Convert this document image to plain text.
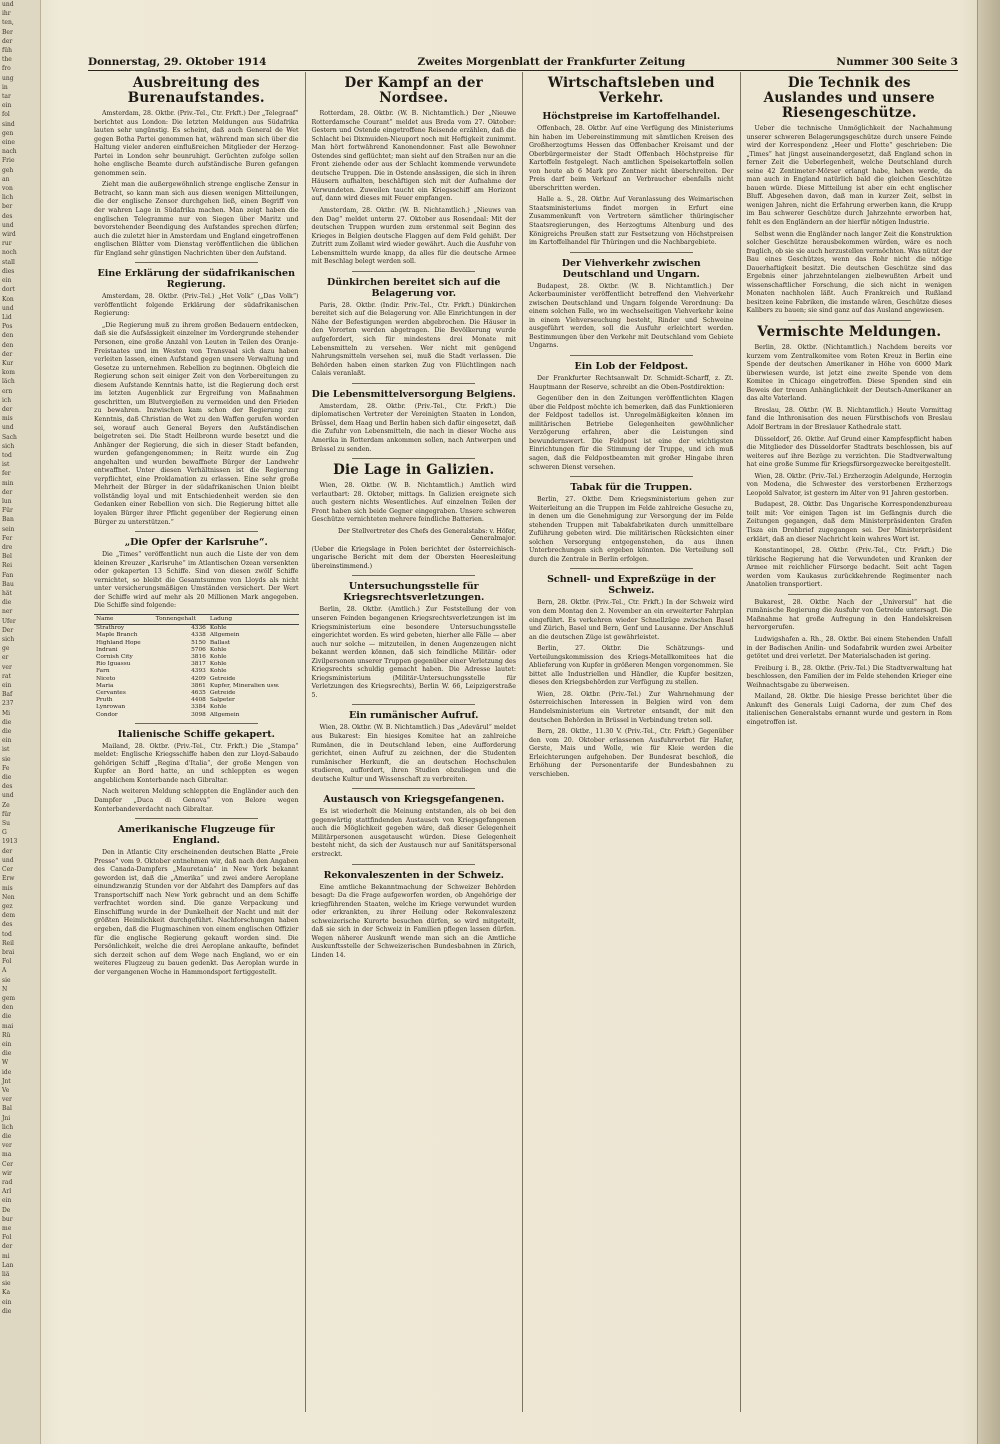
und

ihr

ten,

Ber

der

füh

the

fro

ung

in

tar

ein

fol

sind

gen

eine

nach

Frie

geh

an

von

lich

ber

des

und

wird

rur

noch

stall

dies

ein

dort

Kon

und

Lid

Pos

den

den

der

Kur

kom

läch

ern

ich

der

mis

und

Sach

sich

tod

ist

fer

min

der

lun

Für

Ban

sein

Fer

dre

Bel

Rei

Fan

Bau

hät

die

ner

Ufer

Der

sich

ge

er

ver

rat

ein

Baf

237

Mi

die

die

ein

ist

sie

Fe

die

des

und

Ze

für

Su

G

1913

der

und

Cer

Erw

mis

Nen

gez

dem

des

tod

Reil

brai

Fol

A

sie

N

gem

den

die

mai

Rü

ein

die

W

ide

Jnt

Ve

ver

Bal

Jni

lich

die

ver

ma

Cer

wir

rad

Arl

ein

De

bur

me

Fol

der

mi

Lan

liä

sie

Ka

ein

die

Donnerstag, 29. Oktober 1914	Zweites Morgenblatt der Frankfurter Zeitung	Nummer 300 Seite 3
Ausbreitung des Burenaufstandes.

Amsterdam, 28. Oktbr. (Priv.-Tel., Ctr. Frkft.) Der „Telegraaf“ berichtet aus London: Die letzten Meldungen aus Südafrika lauten sehr ungünstig. Es scheint, daß auch General de Wet gegen Botha Partei genommen hat, während man sich über die Haltung vieler anderen einflußreichen Mitglieder der Herzog-Partei in London sehr beunruhigt. Gerüchten zufolge sollen hohe englische Beamte durch aufständische Buren gefangen genommen sein.

Zieht man die außergewöhnlich strenge englische Zensur in Betracht, so kann man sich aus diesen wenigen Mitteilungen, die der englische Zensor durchgehen ließ, einen Begriff von der wahren Lage in Südafrika machen. Man zeigt haben die englischen Telegramme nur von Siegen über Maritz und bevorstehender Beendigung des Aufstandes sprechen dürfen; auch die zuletzt hier in Amsterdam und England eingetroffenen englischen Blätter vom Dienstag veröffentlichen die üblichen für England sehr günstigen Nachrichten über den Aufstand.

Eine Erklärung der südafrikanischen Regierung.

Amsterdam, 28. Oktbr. (Priv.-Tel.) „Het Volk“ („Das Volk“) veröffentlicht folgende Erklärung der südafrikanischen Regierung:

„Die Regierung muß zu ihrem großen Bedauern entdecken, daß sie die Aufsässigkeit einzelner im Vordergrunde stehender Personen, eine große Anzahl von Leuten in Teilen des Oranje-Freistaates und im Westen von Transvaal sich dazu haben verleiten lassen, einen Aufstand gegen unsere Verwaltung und Gesetze zu unternehmen. Rebellion zu beginnen. Obgleich die Regierung schon seit einiger Zeit von den Vorbereitungen zu diesem Aufstande Kenntnis hatte, ist die Regierung doch erst im letzten Augenblick zur Ergreifung von Maßnahmen geschritten, um Blutvergießen zu vermeiden und den Frieden zu bewahren. Inzwischen kam schon der Regierung zur Kenntnis, daß Christian de Wet zu den Waffen gerufen worden sei, worauf auch General Beyers den Aufständischen beigetreten sei. Die Stadt Heilbronn wurde besetzt und die Anhänger der Regierung, die sich in dieser Stadt befanden, wurden gefangengenommen; in Reitz wurde ein Zug angehalten und wurden bewaffnete Bürger der Landwehr entwaffnet. Unter diesen Verhältnissen ist die Regierung verpflichtet, eine Proklamation zu erlassen. Eine sehr große Mehrheit der Bürger in der südafrikanischen Union bleibt vollständig loyal und mit Entschiedenheit werden sie den Gedanken einer Rebellion von sich. Die Regierung bittet alle loyalen Bürger ihrer Pflicht gegenüber der Regierung einen Bürger zu unterstützen.“

„Die Opfer der Karlsruhe“.

Die „Times“ veröffentlicht nun auch die Liste der von dem kleinen Kreuzer „Karlsruhe“ im Atlantischen Ozean versenkten oder gekaperten 13 Schiffe. Sind von diesen zwölf Schiffe vernichtet, so bleibt die Gesamtsumme von Lloyds als nicht unter versicherungsmäßigen Umständen versichert. Der Wert der Schiffe wird auf mehr als 20 Millionen Mark angegeben. Die Schiffe sind folgende:

Name	Tonnengehalt	Ladung
Strathroy	4336	Kohle
Maple Branch	4338	Allgemein
Highland Hope	5150	Ballast
Indrani	5706	Kohle
Cornish City	3816	Kohle
Rio Iguassu	3817	Kohle
Farn	4393	Kohle
Niceto	4209	Getreide
Maria	3861	Kupfer, Mineralien usw.
Cervantes	4635	Getreide
Pruth	4408	Salpeter
Lynrowan	3384	Kohle
Condor	3098	Allgemein
Italienische Schiffe gekapert.

Mailand, 28. Oktbr. (Priv.-Tel., Ctr. Frkft.) Die „Stampa“ meldet: Englische Kriegsschiffe haben den zur Lloyd-Sabaudo gehörigen Schiff „Regina d'Italia“, der große Mengen von Kupfer an Bord hatte, an und schleppten es wegen angeblichem Konterbande nach Gibraltar.

Nach weiteren Meldung schleppten die Engländer auch den Dampfer „Duca di Genova“ von Belore wegen Konterbandeverdacht nach Gibraltar.

Amerikanische Flugzeuge für England.

Den in Atlantic City erscheinenden deutschen Blatte „Freie Presse“ vom 9. Oktober entnehmen wir, daß nach den Angaben des Canada-Dampfers „Mauretania“ in New York bekannt geworden ist, daß die „Amerika“ und zwei andere Aeroplane einundzwanzig Stunden vor der Abfahrt des Dampfers auf das Transportschiff nach New York gebracht und an dem Schiffe verfrachtet worden sind. Die ganze Verpackung und Einschiffung wurde in der Dunkelheit der Nacht und mit der größten Heimlichkeit durchgeführt. Nachforschungen haben ergeben, daß die Flugmaschinen von einem englischen Offizier für die englische Regierung gekauft worden sind. Die Persönlichkeit, welche die drei Aeroplane ankaufte, befindet sich derzeit schon auf dem Wege nach England, wo er ein weiteres Flugzeug zu bauen gedenkt. Das Aeroplan wurde in der vergangenen Woche in Hammondsport fertiggestellt.

Der Kampf an der Nordsee.

Rotterdam, 28. Oktbr. (W. B. Nichtamtlich.) Der „Nieuwe Rotterdamsche Courant“ meldet aus Breda vom 27. Oktober: Gestern und Ostende eingetroffene Reisende erzählen, daß die Schlacht bei Dixmuiden-Nieuport noch mit Heftigkeit zunimmt. Man hört fortwährend Kanonendonner. Fast alle Bewohner Ostendes sind geflüchtet; man sieht auf den Straßen nur an die Front ziehende oder aus der Schlacht kommende verwundete deutsche Truppen. Die in Ostende ansässigen, die sich in ihren Häusern aufhalten, beschäftigen sich mit der Aufnahme der Verwundeten. Zuweilen taucht ein Kriegsschiff am Horizont auf, dann wird dieses mit Feuer empfangen.

Amsterdam, 28. Oktbr. (W. B. Nichtamtlich.) „Nieuws van den Dag“ meldet unterm 27. Oktober aus Rosendaal: Mit der deutschen Truppen wurden zum erstenmal seit Beginn des Krieges in Belgien deutsche Flaggen auf dem Feld gehißt. Der Zutritt zum Zollamt wird wieder gewährt. Auch die Ausfuhr von Lebensmitteln wurde knapp, da alles für die deutsche Armee mit Beschlag belegt werden soll.

Dünkirchen bereitet sich auf die Belagerung vor.

Paris, 28. Oktbr. (Indir. Priv.-Tel., Ctr. Frkft.) Dünkirchen bereitet sich auf die Belagerung vor. Alle Einrichtungen in der Nähe der Befestigungen werden abgebrochen. Die Häuser in den Vororten werden abgetragen. Die Bevölkerung wurde aufgefordert, sich für mindestens drei Monate mit Lebensmitteln zu versehen. Wer nicht mit genügend Nahrungsmitteln versehen sei, muß die Stadt verlassen. Die Behörden haben einen starken Zug von Flüchtlingen nach Calais veranlaßt.

Die Lebensmittelversorgung Belgiens.

Amsterdam, 28. Oktbr. (Priv.-Tel., Ctr. Frkft.) Die diplomatischen Vertreter der Vereinigten Staaten in London, Brüssel, dem Haag und Berlin haben sich dafür eingesetzt, daß die Zufuhr von Lebensmitteln, die nach in dieser Woche aus Amerika in Rotterdam ankommen sollen, nach Antwerpen und Brüssel zu senden.

Die Lage in Galizien.

Wien, 28. Oktbr. (W. B. Nichtamtlich.) Amtlich wird verlautbart: 28. Oktober, mittags. In Galizien ereignete sich auch gestern nichts Wesentliches. Auf einzelnen Teilen der Front haben sich beide Gegner eingegraben. Unsere schweren Geschütze vernichteten mehrere feindliche Batterien.

Der Stellvertreter des Chefs des Generalstabs: v. Höfer, Generalmajor.

(Ueber die Kriegslage in Polen berichtet der österreichisch-ungarische Bericht mit dem der Obersten Heeresleitung übereinstimmend.)

Untersuchungsstelle für Kriegsrechtsverletzungen.

Berlin, 28. Oktbr. (Amtlich.) Zur Feststellung der von unseren Feinden begangenen Kriegsrechtsverletzungen ist im Kriegsministerium eine besondere Untersuchungsstelle eingerichtet worden. Es wird gebeten, hierher alle Fälle — aber auch nur solche — mitzuteilen, in denen Augenzeugen nicht bekannt werden können, daß sich feindliche Militär- oder Zivilpersonen unserer Truppen gegenüber einer Verletzung des Kriegsrechts schuldig gemacht haben. Die Adresse lautet: Kriegsministerium (Militär-Untersuchungsstelle für Verletzungen des Kriegsrechts), Berlin W. 66, Leipzigerstraße 5.

Ein rumänischer Aufruf.

Wien, 28. Oktbr. (W. B. Nichtamtlich.) Das „Adevărul“ meldet aus Bukarest: Ein hiesiges Komitee hat an zahlreiche Rumänen, die in Deutschland leben, eine Aufforderung gerichtet, einen Aufruf zu zeichnen, der die Studenten rumänischer Herkunft, die an deutschen Hochschulen studieren, auffordert, ihren Studien obzuliegen und die deutsche Kultur und Wissenschaft zu verbreiten.

Austausch von Kriegsgefangenen.

Es ist wiederholt die Meinung entstanden, als ob bei den gegenwärtig stattfindenden Austausch von Kriegsgefangenen auch die Möglichkeit gegeben wäre, daß dieser Gelegenheit Militärpersonen ausgetauscht würden. Diese Gelegenheit besteht nicht, da sich der Austausch nur auf Sanitätspersonal erstreckt.

Rekonvaleszenten in der Schweiz.

Eine amtliche Bekanntmachung der Schweizer Behörden besagt: Da die Frage aufgeworfen worden, ob Angehörige der kriegführenden Staaten, welche im Kriege verwundet wurden oder erkrankten, zu ihrer Heilung oder Rekonvaleszenz schweizerische Kurorte besuchen dürfen, so wird mitgeteilt, daß sie sich in der Schweiz in Familien pflegen lassen dürfen. Wegen näherer Auskunft wende man sich an die Amtliche Auskunftsstelle der Schweizerischen Bundesbahnen in Zürich, Linden 14.

Wirtschaftsleben und Verkehr.
Höchstpreise im Kartoffelhandel.

Offenbach, 28. Oktbr. Auf eine Verfügung des Ministeriums hin haben im Uebereinstimmung mit sämtlichen Kreisen des Großherzogtums Hessen das Offenbacher Kreisamt und der Oberbürgermeister der Stadt Offenbach Höchstpreise für Kartoffeln festgelegt. Nach amtlichen Speisekartoffeln sollen von heute ab 6 Mark pro Zentner nicht überschreiten. Der Preis darf beim Verkauf an Verbraucher ebenfalls nicht überschritten werden.

Halle a. S., 28. Oktbr. Auf Veranlassung des Weimarischen Staatsministeriums findet morgen in Erfurt eine Zusammenkunft von Vertretern sämtlicher thüringischer Staatsregierungen, des Herzogtums Altenburg und des Königreichs Preußen statt zur Festsetzung von Höchstpreisen im Kartoffelhandel für Thüringen und die Nachbargebiete.

Der Viehverkehr zwischen Deutschland und Ungarn.

Budapest, 28. Oktbr. (W. B. Nichtamtlich.) Der Ackerbauminister veröffentlicht betreffend den Viehverkehr zwischen Deutschland und Ungarn folgende Verordnung: Da einem solchen Falle, wo im wechselseitigen Viehverkehr keine in einem Viehverseuchung besteht, Rinder und Schweine ausgeführt werden, soll die Ausfuhr erleichtert werden. Bestimmungen über den Verkehr mit Deutschland vom Gebiete Ungarns.

Ein Lob der Feldpost.

Der Frankfurter Rechtsanwalt Dr. Schmidt-Scharff, z. Zt. Hauptmann der Reserve, schreibt an die Oben-Postdirektion:

Gegenüber den in den Zeitungen veröffentlichten Klagen über die Feldpost möchte ich bemerken, daß das Funktionieren der Feldpost tadellos ist. Unregelmäßigkeiten können im militärischen Betriebe Gelegenheiten gewöhnlicher Verzögerung erfahren, aber die Leistungen sind bewundernswert. Die Feldpost ist eine der wichtigsten Einrichtungen für die Stimmung der Truppe, und ich muß sagen, daß die Feldpostbeamten mit großer Hingabe ihren schweren Dienst versehen.

Tabak für die Truppen.

Berlin, 27. Oktbr. Dem Kriegsministerium gehen zur Weiterleitung an die Truppen im Felde zahlreiche Gesuche zu, in denen um die Genehmigung zur Versorgung der im Felde stehenden Truppen mit Tabakfabrikaten durch unmittelbare Zuführung gebeten wird. Die militärischen Rücksichten einer solchen Versorgung entgegenstehen, da aus ihnen Unterbrechungen sich ergeben könnten. Die Verteilung soll durch die Zentrale in Berlin erfolgen.

Schnell- und Expreßzüge in der Schweiz.

Bern, 28. Oktbr. (Priv.-Tel., Ctr. Frkft.) In der Schweiz wird von dem Montag den 2. November an ein erweiterter Fahrplan eingeführt. Es verkehren wieder Schnellzüge zwischen Basel und Zürich, Basel und Bern, Genf und Lausanne. Der Anschluß an die deutschen Züge ist gewährleistet.

Berlin, 27. Oktbr. Die Schätzungs- und Verteilungskommission des Kriegs-Metallkomitees hat die Ablieferung von Kupfer in größeren Mengen vorgenommen. Sie bittet alle Industriellen und Händler, die Kupfer besitzen, dieses den Kriegsbehörden zur Verfügung zu stellen.

Wien, 28. Oktbr. (Priv.-Tel.) Zur Wahrnehmung der österreichischen Interessen in Belgien wird von dem Handelsministerium ein Vertreter entsandt, der mit den deutschen Behörden in Brüssel in Verbindung treten soll.

Bern, 28. Oktbr., 11.30 V. (Priv.-Tel., Ctr. Frkft.) Gegenüber den vom 20. Oktober erlassenen Ausfuhrverbot für Hafer, Gerste, Mais und Wolle, wie für Kleie werden die Erleichterungen aufgehoben. Der Bundesrat beschloß, die Erhöhung der Personentarife der Bundesbahnen zu verschieben.

Die Technik des Auslandes und unsere Riesengeschütze.

Ueber die technische Unmöglichkeit der Nachahmung unserer schweren Belagerungsgeschütze durch unsere Feinde wird der Korrespondenz „Heer und Flotte“ geschrieben: Die „Times“ hat jüngst auseinandergesetzt, daß England schon in ferner Zeit die Ueberlegenheit, welche Deutschland durch seine 42 Zentimeter-Mörser erlangt habe, haben werde, da man auch in England natürlich bald die gleichen Geschütze bauen würde. Diese Mitteilung ist aber ein echt englischer Bluff. Abgesehen davon, daß man in kurzer Zeit, selbst in wenigen Jahren, nicht die Erfahrung erwerben kann, die Krupp im Bau schwerer Geschütze durch Jahrzehnte erworben hat, fehlt es den Engländern an der hierfür nötigen Industrie.

Selbst wenn die Engländer nach langer Zeit die Konstruktion solcher Geschütze herausbekommen würden, wäre es noch fraglich, ob sie sie auch herzustellen vermöchten. Was nützt der Bau eines Geschützes, wenn das Rohr nicht die nötige Dauerhaftigkeit besitzt. Die deutschen Geschütze sind das Ergebnis einer jahrzehntelangen zielbewußten Arbeit und wissenschaftlicher Forschung, die sich nicht in wenigen Monaten nachholen läßt. Auch Frankreich und Rußland besitzen keine Fabriken, die imstande wären, Geschütze dieses Kalibers zu bauen; sie sind ganz auf das Ausland angewiesen.

Vermischte Meldungen.

Berlin, 28. Oktbr. (Nichtamtlich.) Nachdem bereits vor kurzem vom Zentralkomitee vom Roten Kreuz in Berlin eine Spende der deutschen Amerikaner in Höhe von 6000 Mark überwiesen wurde, ist jetzt eine zweite Spende von dem Komitee in Chicago eingetroffen. Diese Spenden sind ein Beweis der treuen Anhänglichkeit der Deutsch-Amerikaner an das alte Vaterland.

Breslau, 28. Oktbr. (W. B. Nichtamtlich.) Heute Vormittag fand die Inthronisation des neuen Fürstbischofs von Breslau Adolf Bertram in der Breslauer Kathedrale statt.

Düsseldorf, 26. Oktbr. Auf Grund einer Kampfespflicht haben die Mitglieder des Düsseldorfer Stadtrats beschlossen, bis auf weiteres auf ihre Bezüge zu verzichten. Die Stadtverwaltung hat eine große Summe für Kriegsfürsorgezwecke bereitgestellt.

Wien, 28. Oktbr. (Priv.-Tel.) Erzherzogin Adelgunde, Herzogin von Modena, die Schwester des verstorbenen Erzherzogs Leopold Salvator, ist gestern im Alter von 91 Jahren gestorben.

Budapest, 28. Oktbr. Das Ungarische Korrespondenzbureau teilt mit: Vor einigen Tagen ist im Gefängnis durch die Zeitungen gegangen, daß dem Ministerpräsidenten Grafen Tisza ein Drohbrief zugegangen sei. Der Ministerpräsident erklärt, daß an dieser Nachricht kein wahres Wort ist.

Konstantinopel, 28. Oktbr. (Priv.-Tel., Ctr. Frkft.) Die türkische Regierung hat die Verwundeten und Kranken der Armee mit reichlicher Fürsorge bedacht. Seit acht Tagen werden vom Kaukasus zurückkehrende Regimenter nach Anatolien transportiert.

Bukarest, 28. Oktbr. Nach der „Universul“ hat die rumänische Regierung die Ausfuhr von Getreide untersagt. Die Maßnahme hat große Aufregung in den Handelskreisen hervorgerufen.

Ludwigshafen a. Rh., 28. Oktbr. Bei einem Stehenden Unfall in der Badischen Anilin- und Sodafabrik wurden zwei Arbeiter getötet und drei verletzt. Der Materialschaden ist gering.

Freiburg i. B., 28. Oktbr. (Priv.-Tel.) Die Stadtverwaltung hat beschlossen, den Familien der im Felde stehenden Krieger eine Weihnachtsgabe zu überweisen.

Mailand, 28. Oktbr. Die hiesige Presse berichtet über die Ankunft des Generals Luigi Cadorna, der zum Chef des italienischen Generalstabs ernannt wurde und gestern in Rom eingetroffen ist.
